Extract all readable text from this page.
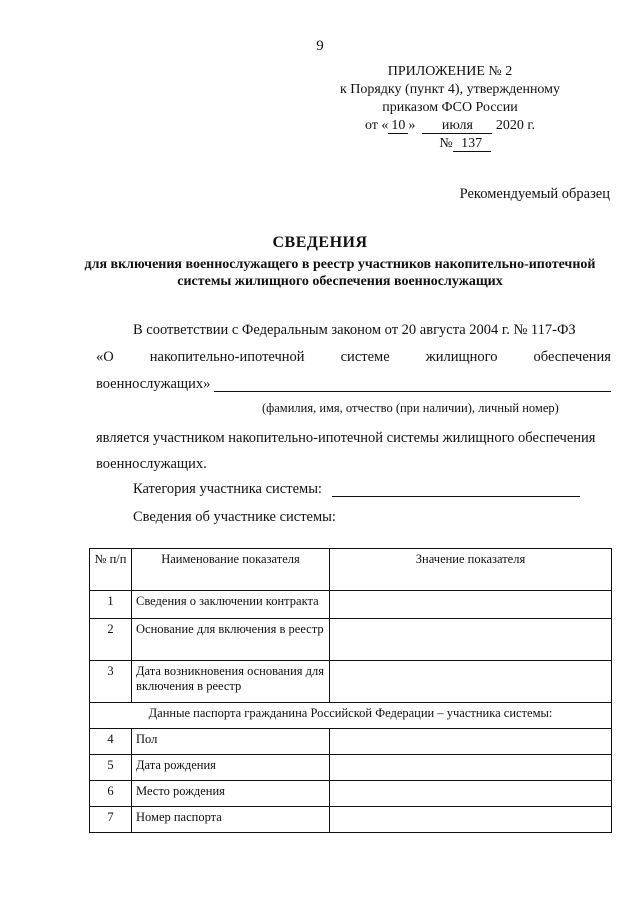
9
ПРИЛОЖЕНИЕ № 2
к Порядку (пункт 4), утвержденному
приказом ФСО России
от « 10 » июля 2020 г.
№ 137
Рекомендуемый образец
СВЕДЕНИЯ
для включения военнослужащего в реестр участников накопительно-ипотечной системы жилищного обеспечения военнослужащих
В соответствии с Федеральным законом от 20 августа 2004 г. № 117-ФЗ
«О накопительно-ипотечной системе жилищного обеспечения
военнослужащих»
(фамилия, имя, отчество (при наличии), личный номер)
является участником накопительно-ипотечной системы жилищного обеспечения
военнослужащих.
Категория участника системы:
Сведения об участнике системы:
№ п/п	Наименование показателя	Значение показателя
1	Сведения о заключении контракта	
2	Основание для включения в реестр	
3	Дата возникновения основания для включения в реестр	
Данные паспорта гражданина Российской Федерации – участника системы:		
4	Пол	
5	Дата рождения	
6	Место рождения	
7	Номер паспорта	
